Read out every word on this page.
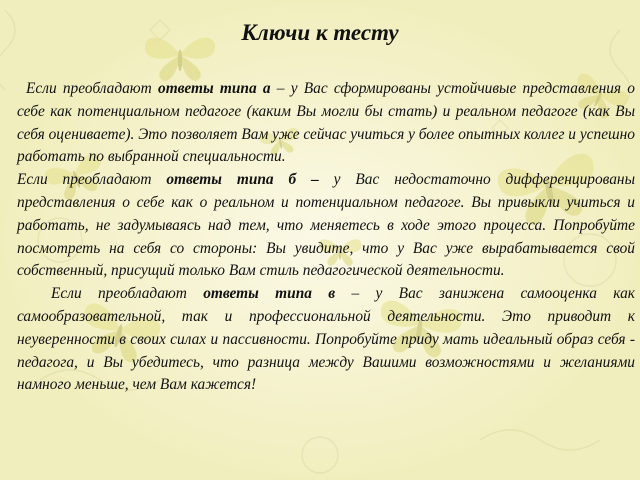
Ключи к тесту

Если преобладают ответы типа а – у Вас сформированы устойчивые представления о себе как потенциальном педагоге (каким Вы могли бы стать) и реальном педагоге (как Вы себя оцениваете). Это позволяет Вам уже сейчас учиться у более опытных коллег и успешно работать по выбранной специальности.

Если преобладают ответы типа б – у Вас недостаточно дифференцированы представления о себе как о реальном и потенциальном педагоге. Вы привыкли учиться и работать, не задумываясь над тем, что меняетесь в ходе этого процесса. Попробуйте посмотреть на себя со стороны: Вы увидите, что у Вас уже вырабатывается свой собственный, присущий только Вам стиль педагогической деятельности.

Если преобладают ответы типа в – у Вас занижена самооценка как самообразовательной, так и профессиональной деятельности. Это приводит к неуверенности в своих силах и пассивности. Попробуйте приду мать идеальный образ себя - педагога, и Вы убедитесь, что разница между Вашими возможностями и желаниями намного меньше, чем Вам кажется!
